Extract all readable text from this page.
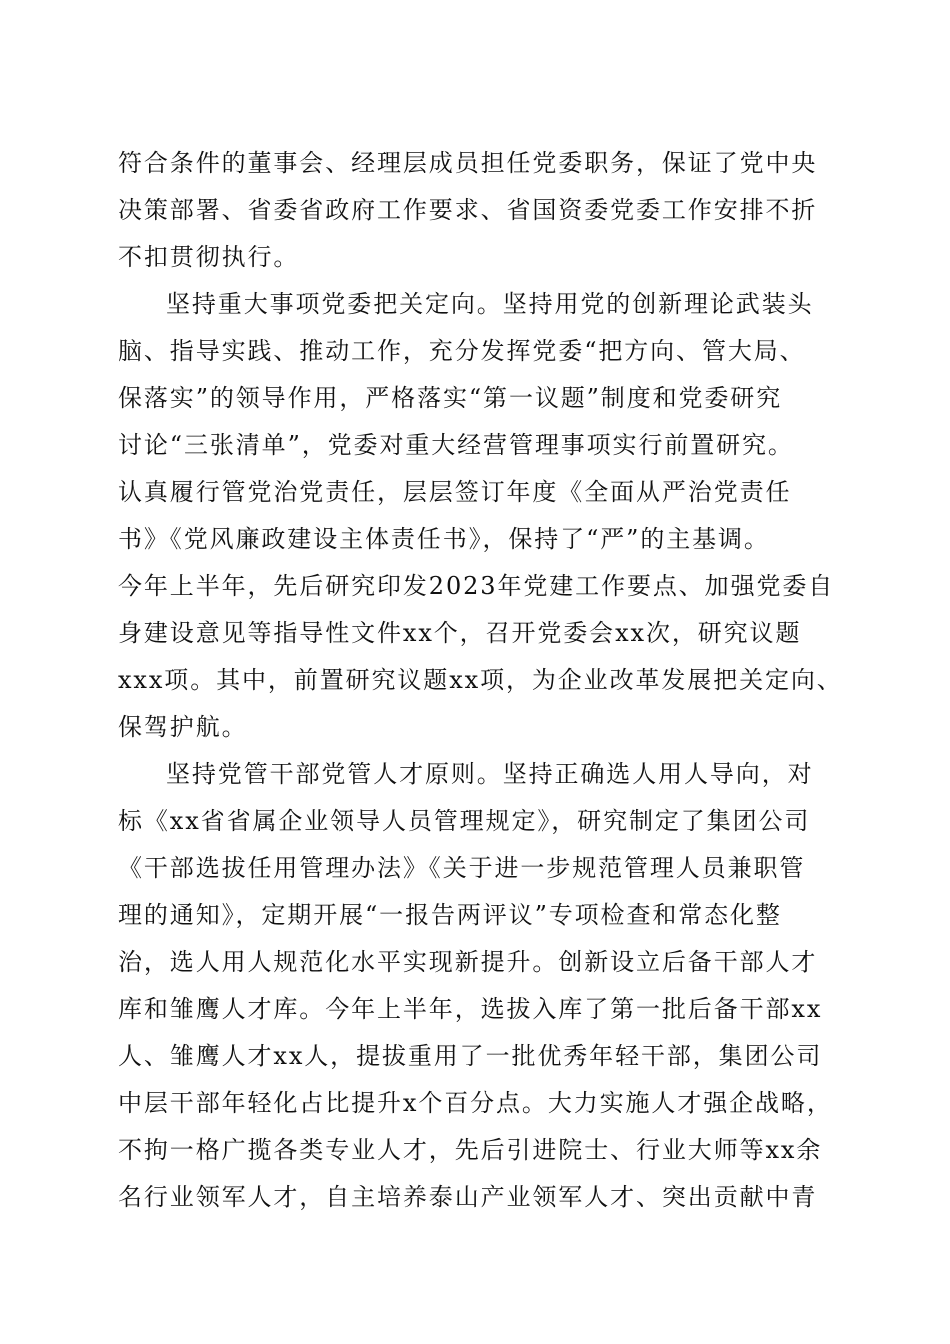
符合条件的董事会、经理层成员担任党委职务，保证了党中央
决策部署、省委省政府工作要求、省国资委党委工作安排不折
不扣贯彻执行。
坚持重大事项党委把关定向。坚持用党的创新理论武装头
脑、指导实践、推动工作，充分发挥党委“把方向、管大局、
保落实”的领导作用，严格落实“第一议题”制度和党委研究
讨论“三张清单”，党委对重大经营管理事项实行前置研究。
认真履行管党治党责任，层层签订年度《全面从严治党责任
书》《党风廉政建设主体责任书》，保持了“严”的主基调。
今年上半年，先后研究印发2023年党建工作要点、加强党委自
身建设意见等指导性文件xx个，召开党委会xx次，研究议题
xxx项。其中，前置研究议题xx项，为企业改革发展把关定向、
保驾护航。
坚持党管干部党管人才原则。坚持正确选人用人导向，对
标《xx省省属企业领导人员管理规定》，研究制定了集团公司
《干部选拔任用管理办法》《关于进一步规范管理人员兼职管
理的通知》，定期开展“一报告两评议”专项检查和常态化整
治，选人用人规范化水平实现新提升。创新设立后备干部人才
库和雏鹰人才库。今年上半年，选拔入库了第一批后备干部xx
人、雏鹰人才xx人，提拔重用了一批优秀年轻干部，集团公司
中层干部年轻化占比提升x个百分点。大力实施人才强企战略，
不拘一格广揽各类专业人才，先后引进院士、行业大师等xx余
名行业领军人才，自主培养泰山产业领军人才、突出贡献中青
